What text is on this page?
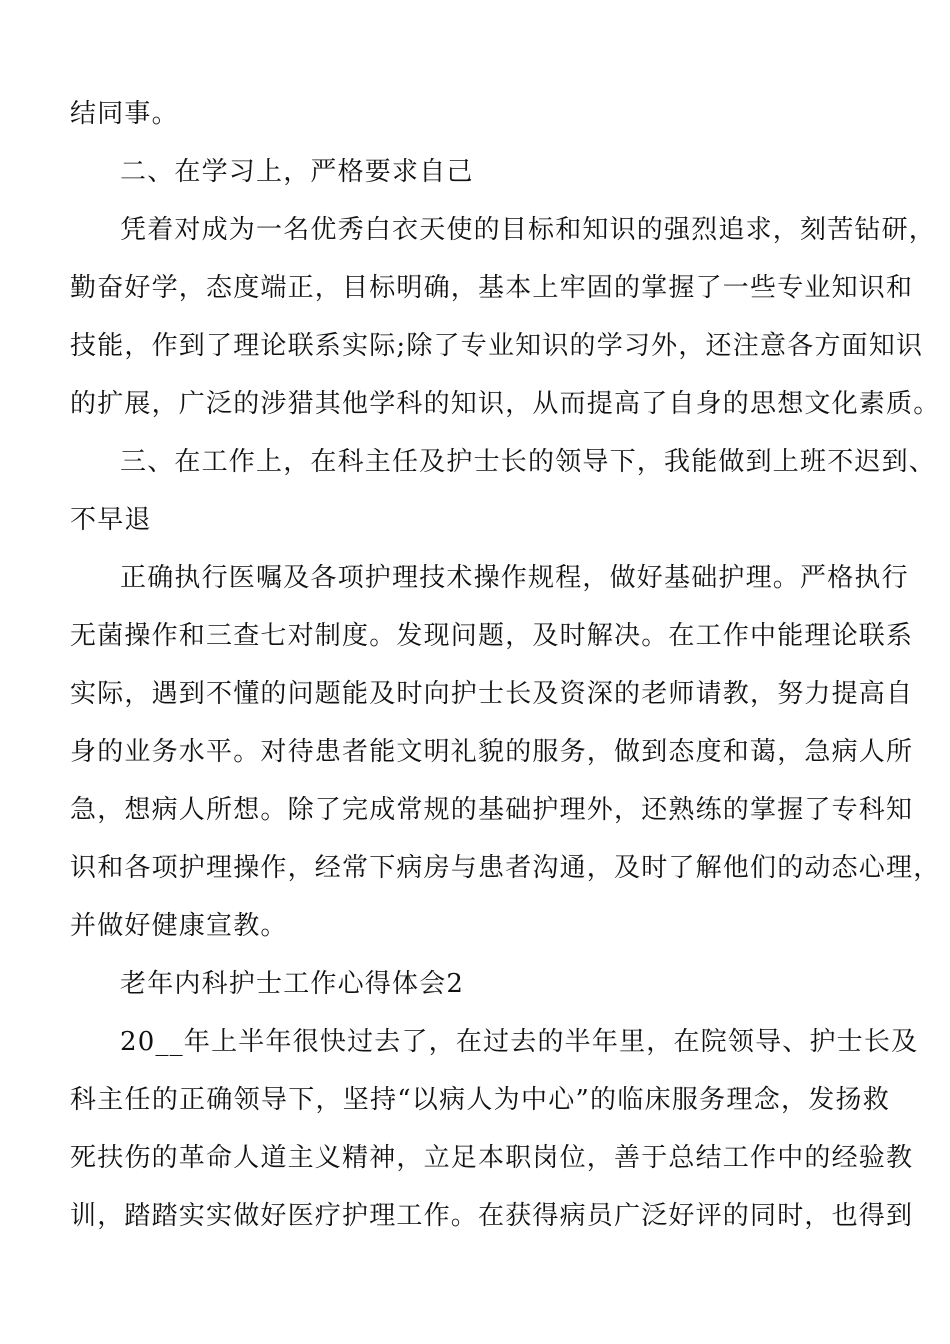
结同事。
二、在学习上，严格要求自己
凭着对成为一名优秀白衣天使的目标和知识的强烈追求，刻苦钻研，
勤奋好学，态度端正，目标明确，基本上牢固的掌握了一些专业知识和
技能，作到了理论联系实际;除了专业知识的学习外，还注意各方面知识
的扩展，广泛的涉猎其他学科的知识，从而提高了自身的思想文化素质。
三、在工作上，在科主任及护士长的领导下，我能做到上班不迟到、
不早退
正确执行医嘱及各项护理技术操作规程，做好基础护理。严格执行
无菌操作和三查七对制度。发现问题，及时解决。在工作中能理论联系
实际，遇到不懂的问题能及时向护士长及资深的老师请教，努力提高自
身的业务水平。对待患者能文明礼貌的服务，做到态度和蔼，急病人所
急，想病人所想。除了完成常规的基础护理外，还熟练的掌握了专科知
识和各项护理操作，经常下病房与患者沟通，及时了解他们的动态心理，
并做好健康宣教。
老年内科护士工作心得体会2
20__年上半年很快过去了，在过去的半年里，在院领导、护士长及
科主任的正确领导下，坚持“以病人为中心”的临床服务理念，发扬救
死扶伤的革命人道主义精神，立足本职岗位，善于总结工作中的经验教
训，踏踏实实做好医疗护理工作。在获得病员广泛好评的同时，也得到
